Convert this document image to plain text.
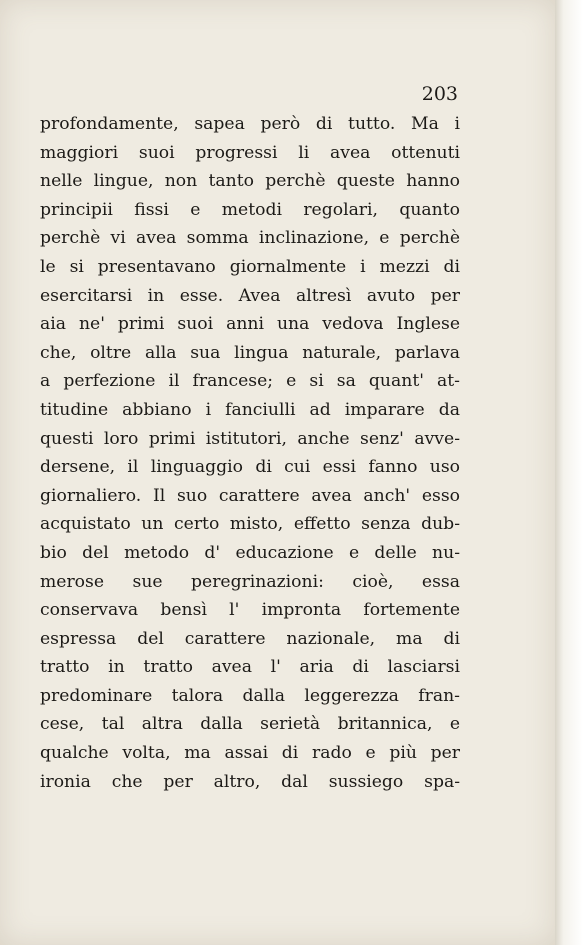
203

profondamente, sapea però di tutto. Ma i
maggiori suoi progressi li avea ottenuti
nelle lingue, non tanto perchè queste hanno
principii fissi e metodi regolari, quanto
perchè vi avea somma inclinazione, e perchè
le si presentavano giornalmente i mezzi di
esercitarsi in esse. Avea altresì avuto per
aia ne' primi suoi anni una vedova Inglese
che, oltre alla sua lingua naturale, parlava
a perfezione il francese; e si sa quant' at-
titudine abbiano i fanciulli ad imparare da
questi loro primi istitutori, anche senz' avve-
dersene, il linguaggio di cui essi fanno uso
giornaliero. Il suo carattere avea anch' esso
acquistato un certo misto, effetto senza dub-
bio del metodo d' educazione e delle nu-
merose sue peregrinazioni: cioè, essa
conservava bensì l' impronta fortemente
espressa del carattere nazionale, ma di
tratto in tratto avea l' aria di lasciarsi
predominare talora dalla leggerezza fran-
cese, tal altra dalla serietà britannica, e
qualche volta, ma assai di rado e più per
ironia che per altro, dal sussiego spa-
